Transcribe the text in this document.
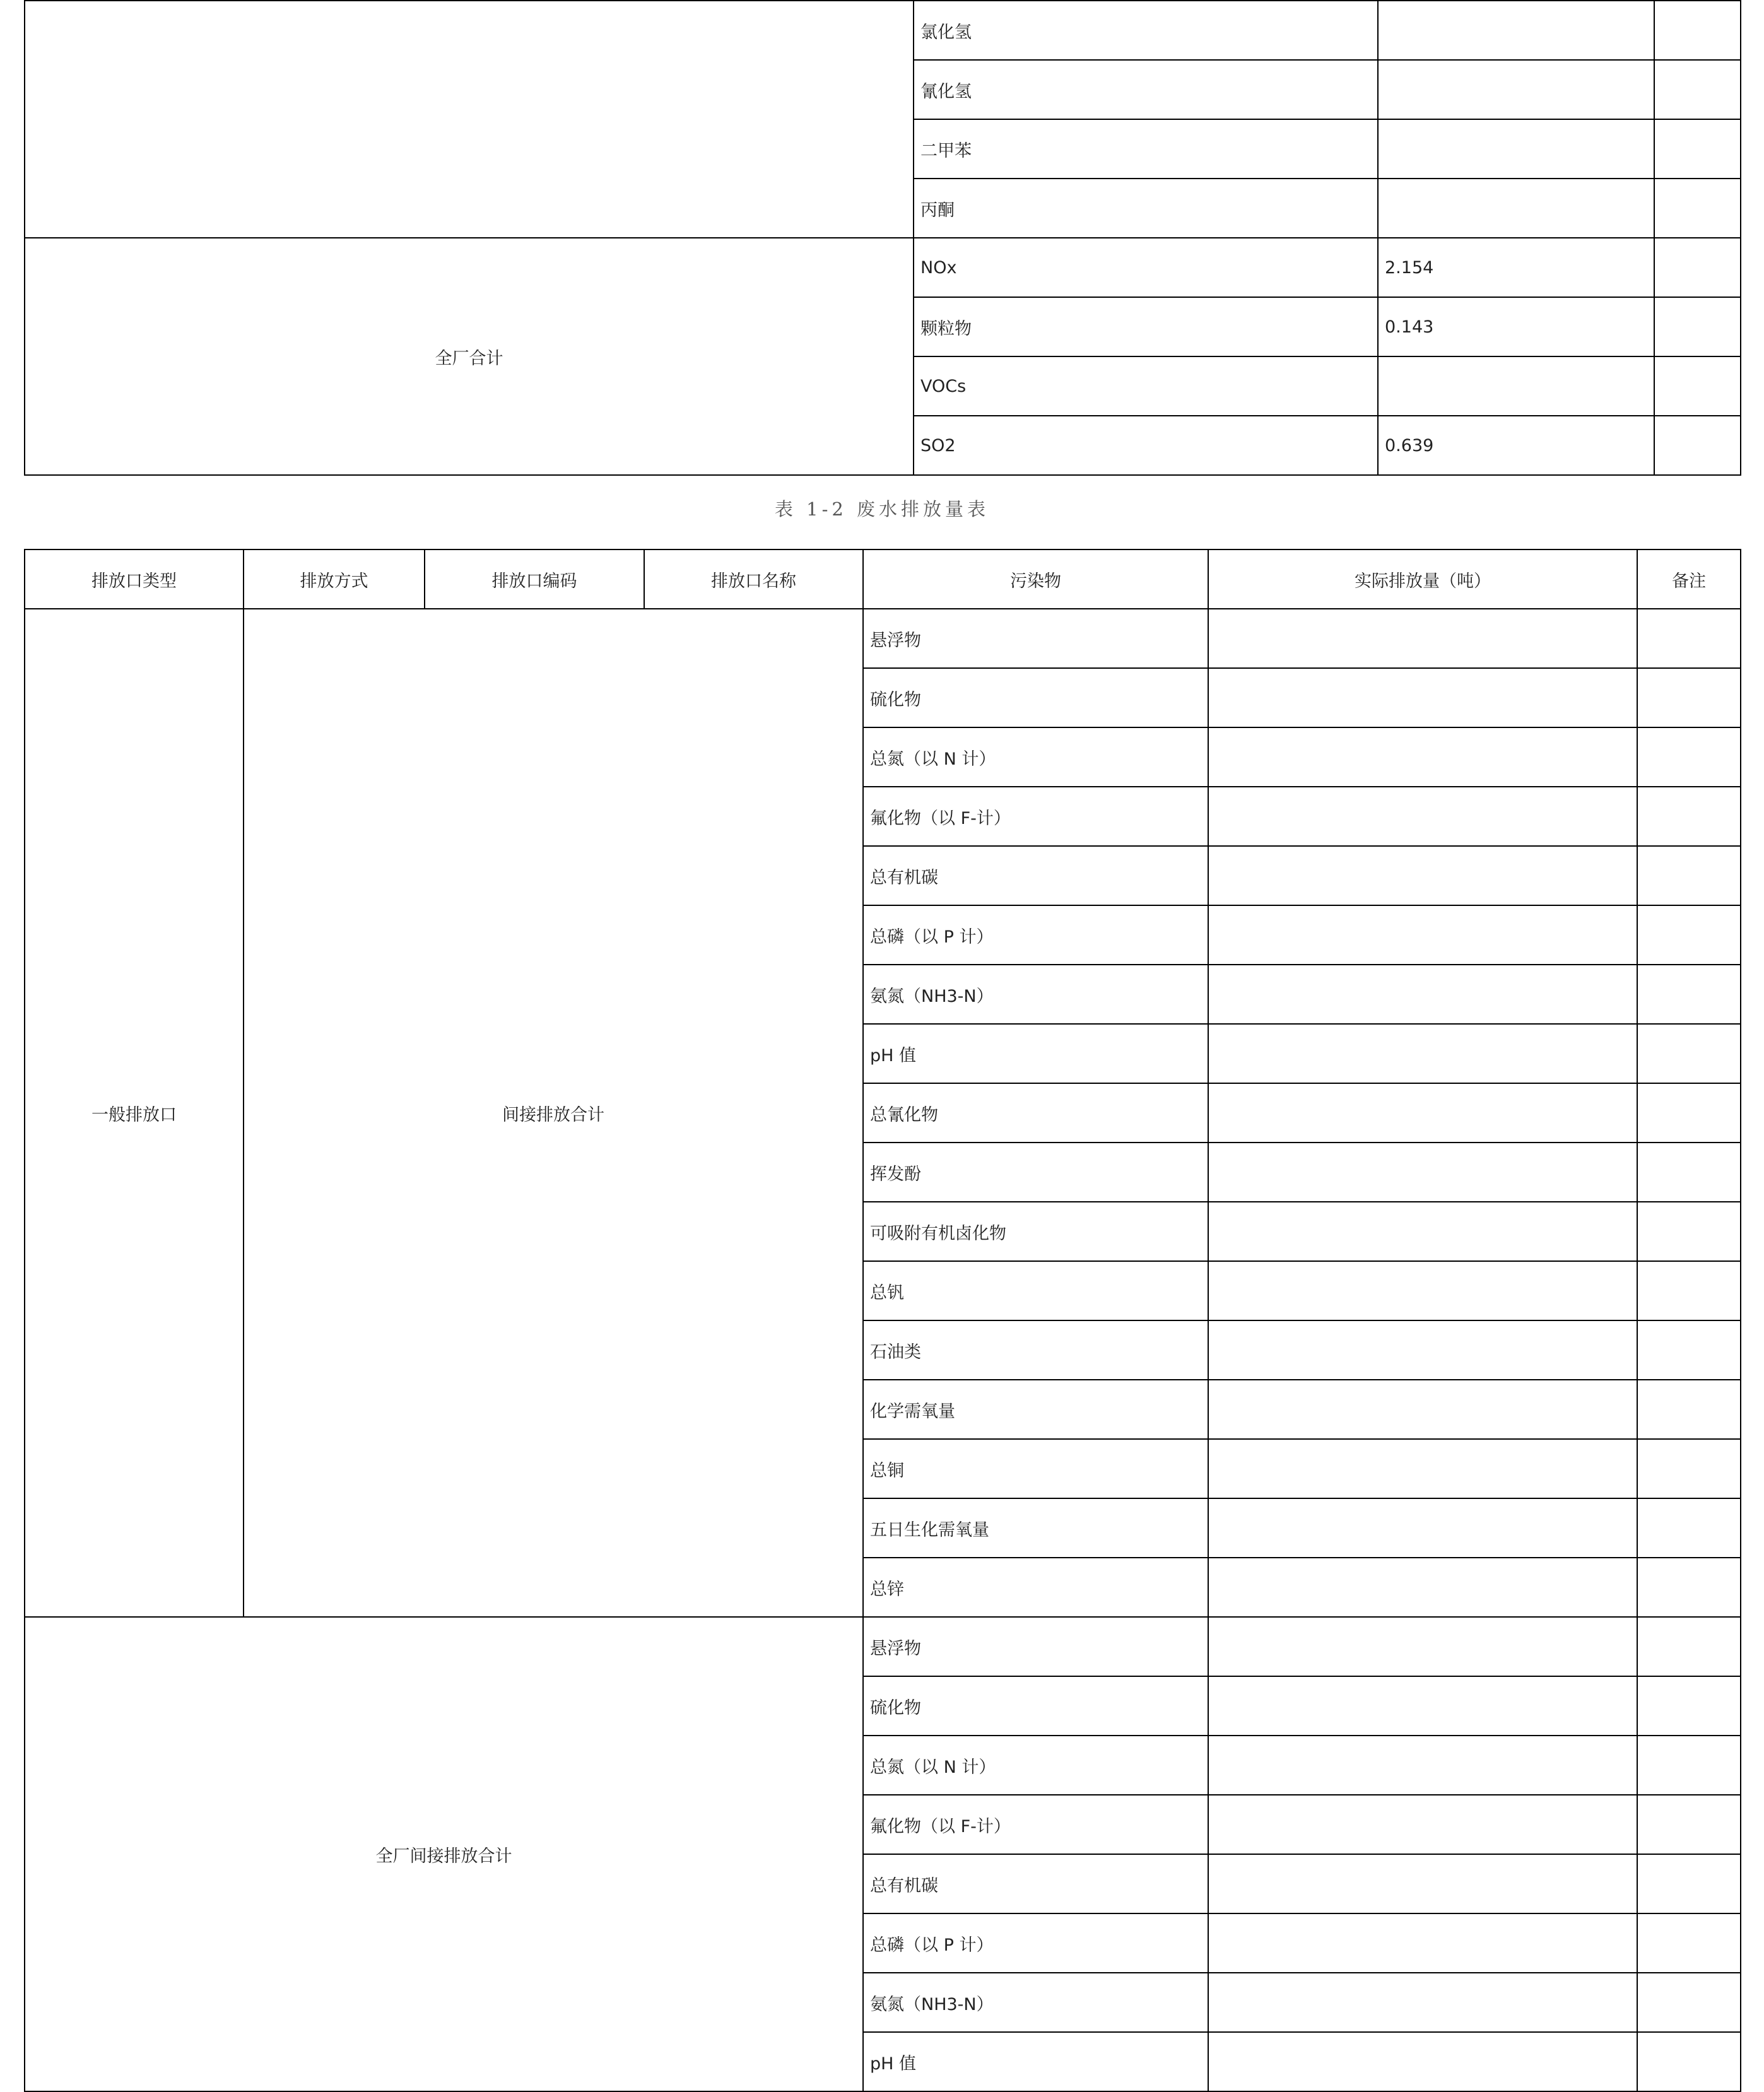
	氯化氢		
	氰化氢		
	二甲苯		
	丙酮		
全厂合计	NOx	2.154	
	颗粒物	0.143	
	VOCs		
	SO2	0.639	
表 1-2 废水排放量表
排放口类型	排放方式	排放口编码	排放口名称	污染物	实际排放量（吨）	备注
一般排放口	间接排放合计			悬浮物		
				硫化物		
				总氮（以 N 计）		
				氟化物（以 F-计）		
				总有机碳		
				总磷（以 P 计）		
				氨氮（NH3-N）		
				pH 值		
				总氰化物		
				挥发酚		
				可吸附有机卤化物		
				总钒		
				石油类		
				化学需氧量		
				总铜		
				五日生化需氧量		
				总锌		
全厂间接排放合计				悬浮物		
				硫化物		
				总氮（以 N 计）		
				氟化物（以 F-计）		
				总有机碳		
				总磷（以 P 计）		
				氨氮（NH3-N）		
				pH 值		
